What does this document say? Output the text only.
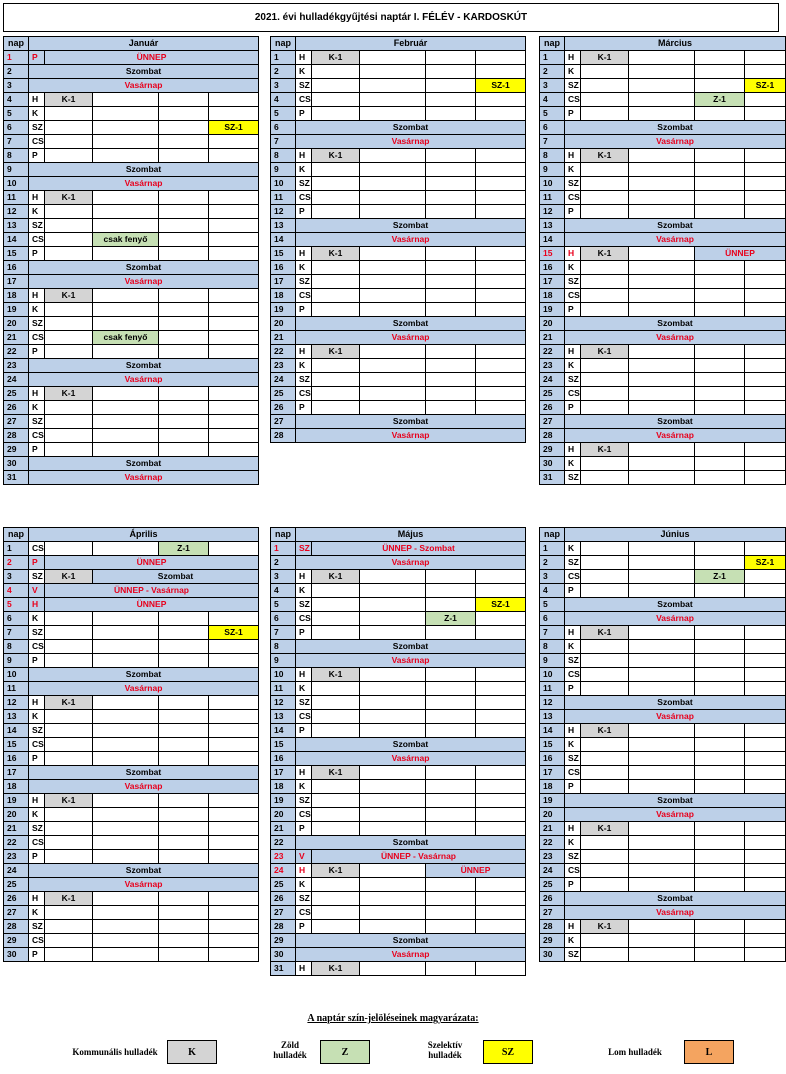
2021. évi hulladékgyűjtési naptár I. FÉLÉV - KARDOSKÚT
nap	Január					
1	P	ÜNNEP				
2	Szombat					
3	Vasárnap					
4	H	K-1				
5	K					
6	SZ				SZ-1	
7	CS					
8	P					
9	Szombat					
10	Vasárnap					
11	H	K-1				
12	K					
13	SZ					
14	CS		csak fenyő			
15	P					
16	Szombat					
17	Vasárnap					
18	H	K-1				
19	K					
20	SZ					
21	CS		csak fenyő			
22	P					
23	Szombat					
24	Vasárnap					
25	H	K-1				
26	K					
27	SZ					
28	CS					
29	P					
30	Szombat					
31	Vasárnap					
nap	Február					
1	H	K-1				
2	K					
3	SZ				SZ-1	
4	CS					
5	P					
6	Szombat					
7	Vasárnap					
8	H	K-1				
9	K					
10	SZ					
11	CS					
12	P					
13	Szombat					
14	Vasárnap					
15	H	K-1				
16	K					
17	SZ					
18	CS					
19	P					
20	Szombat					
21	Vasárnap					
22	H	K-1				
23	K					
24	SZ					
25	CS					
26	P					
27	Szombat					
28	Vasárnap					
nap	Március					
1	H	K-1				
2	K					
3	SZ				SZ-1	
4	CS			Z-1		
5	P					
6	Szombat					
7	Vasárnap					
8	H	K-1				
9	K					
10	SZ					
11	CS					
12	P					
13	Szombat					
14	Vasárnap					
15	H	K-1		ÜNNEP		
16	K					
17	SZ					
18	CS					
19	P					
20	Szombat					
21	Vasárnap					
22	H	K-1				
23	K					
24	SZ					
25	CS					
26	P					
27	Szombat					
28	Vasárnap					
29	H	K-1				
30	K					
31	SZ					
nap	Április					
1	CS			Z-1		
2	P	ÜNNEP				
3	SZ	K-1	Szombat			
4	V	ÜNNEP - Vasárnap				
5	H	ÜNNEP				
6	K					
7	SZ				SZ-1	
8	CS					
9	P					
10	Szombat					
11	Vasárnap					
12	H	K-1				
13	K					
14	SZ					
15	CS					
16	P					
17	Szombat					
18	Vasárnap					
19	H	K-1				
20	K					
21	SZ					
22	CS					
23	P					
24	Szombat					
25	Vasárnap					
26	H	K-1				
27	K					
28	SZ					
29	CS					
30	P					
nap	Május					
1	SZ	ÜNNEP - Szombat				
2	Vasárnap					
3	H	K-1				
4	K					
5	SZ				SZ-1	
6	CS			Z-1		
7	P					
8	Szombat					
9	Vasárnap					
10	H	K-1				
11	K					
12	SZ					
13	CS					
14	P					
15	Szombat					
16	Vasárnap					
17	H	K-1				
18	K					
19	SZ					
20	CS					
21	P					
22	Szombat					
23	V	ÜNNEP - Vasárnap				
24	H	K-1		ÜNNEP		
25	K					
26	SZ					
27	CS					
28	P					
29	Szombat					
30	Vasárnap					
31	H	K-1				
nap	Június					
1	K					
2	SZ				SZ-1	
3	CS			Z-1		
4	P					
5	Szombat					
6	Vasárnap					
7	H	K-1				
8	K					
9	SZ					
10	CS					
11	P					
12	Szombat					
13	Vasárnap					
14	H	K-1				
15	K					
16	SZ					
17	CS					
18	P					
19	Szombat					
20	Vasárnap					
21	H	K-1				
22	K					
23	SZ					
24	CS					
25	P					
26	Szombat					
27	Vasárnap					
28	H	K-1				
29	K					
30	SZ					
A naptár szín-jelöléseinek magyarázata:
Kommunális hulladék	K
Zöld hulladék	Z
Szelektív hulladék	SZ	Lom hulladék	L
